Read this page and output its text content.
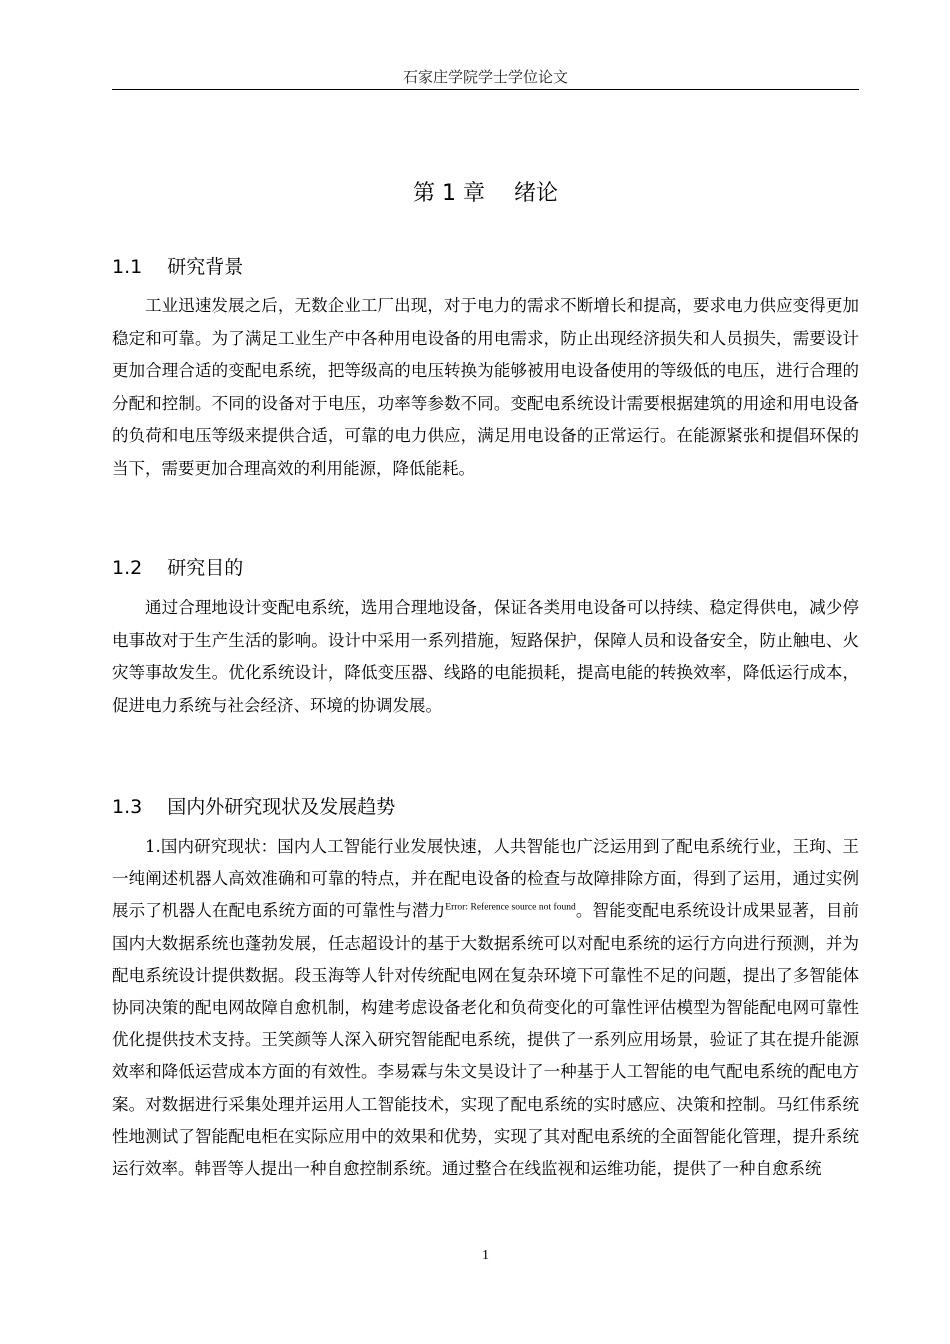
石家庄学院学士学位论文
第 1 章　 绪论
1.1　 研究背景
工业迅速发展之后，无数企业工厂出现，对于电力的需求不断增长和提高，要求电力供应变得更加稳定和可靠。为了满足工业生产中各种用电设备的用电需求，防止出现经济损失和人员损失，需要设计更加合理合适的变配电系统，把等级高的电压转换为能够被用电设备使用的等级低的电压，进行合理的分配和控制。不同的设备对于电压，功率等参数不同。变配电系统设计需要根据建筑的用途和用电设备的负荷和电压等级来提供合适，可靠的电力供应，满足用电设备的正常运行。在能源紧张和提倡环保的当下，需要更加合理高效的利用能源，降低能耗。
1.2　 研究目的
通过合理地设计变配电系统，选用合理地设备，保证各类用电设备可以持续、稳定得供电，减少停电事故对于生产生活的影响。设计中采用一系列措施，短路保护，保障人员和设备安全，防止触电、火灾等事故发生。优化系统设计，降低变压器、线路的电能损耗，提高电能的转换效率，降低运行成本，促进电力系统与社会经济、环境的协调发展。
1.3　 国内外研究现状及发展趋势
1.国内研究现状：国内人工智能行业发展快速，人共智能也广泛运用到了配电系统行业，王珣、王一纯阐述机器人高效准确和可靠的特点，并在配电设备的检查与故障排除方面，得到了运用，通过实例展示了机器人在配电系统方面的可靠性与潜力$^{Error: Reference source not found}$。智能变配电系统设计成果显著，目前国内大数据系统也蓬勃发展，任志超设计的基于大数据系统可以对配电系统的运行方向进行预测，并为配电系统设计提供数据。段玉海等人针对传统配电网在复杂环境下可靠性不足的问题，提出了多智能体协同决策的配电网故障自愈机制，构建考虑设备老化和负荷变化的可靠性评估模型为智能配电网可靠性优化提供技术支持。王笑颜等人深入研究智能配电系统，提供了一系列应用场景，验证了其在提升能源效率和降低运营成本方面的有效性。李易霖与朱文昊设计了一种基于人工智能的电气配电系统的配电方案。对数据进行采集处理并运用人工智能技术，实现了配电系统的实时感应、决策和控制。马红伟系统性地测试了智能配电柜在实际应用中的效果和优势，实现了其对配电系统的全面智能化管理，提升系统运行效率。韩晋等人提出一种自愈控制系统。通过整合在线监视和运维功能，提供了一种自愈系统
1
